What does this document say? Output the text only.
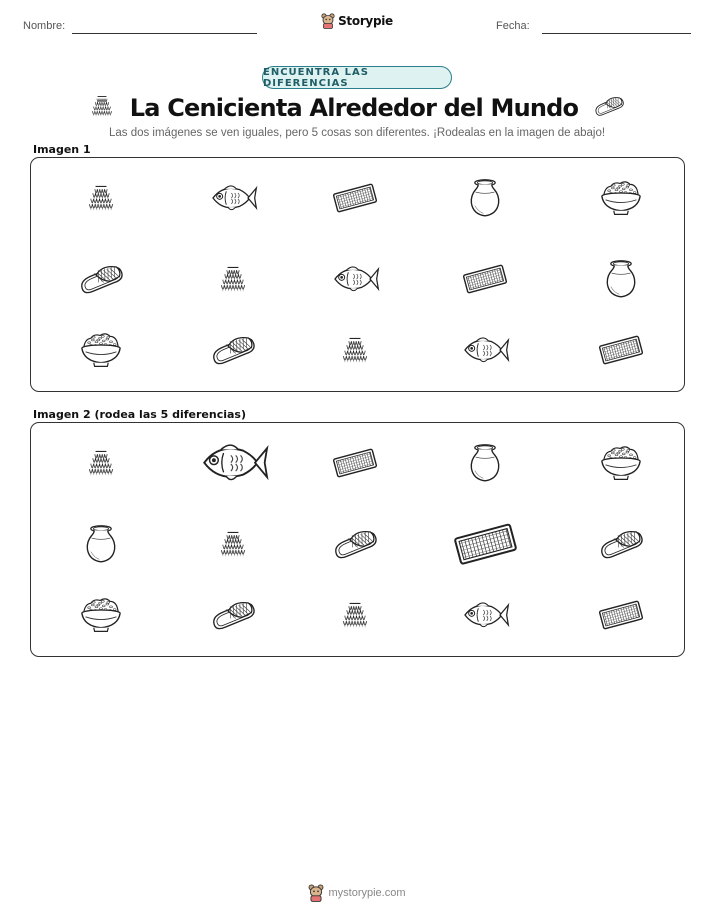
Nombre:	Storypie	Fecha:
ENCUENTRA LAS DIFERENCIAS
La Cenicienta Alrededor del Mundo
Las dos imágenes se ven iguales, pero 5 cosas son diferentes. ¡Rodealas en la imagen de abajo!
Imagen 1
Imagen 2 (rodea las 5 diferencias)
mystorypie.com
